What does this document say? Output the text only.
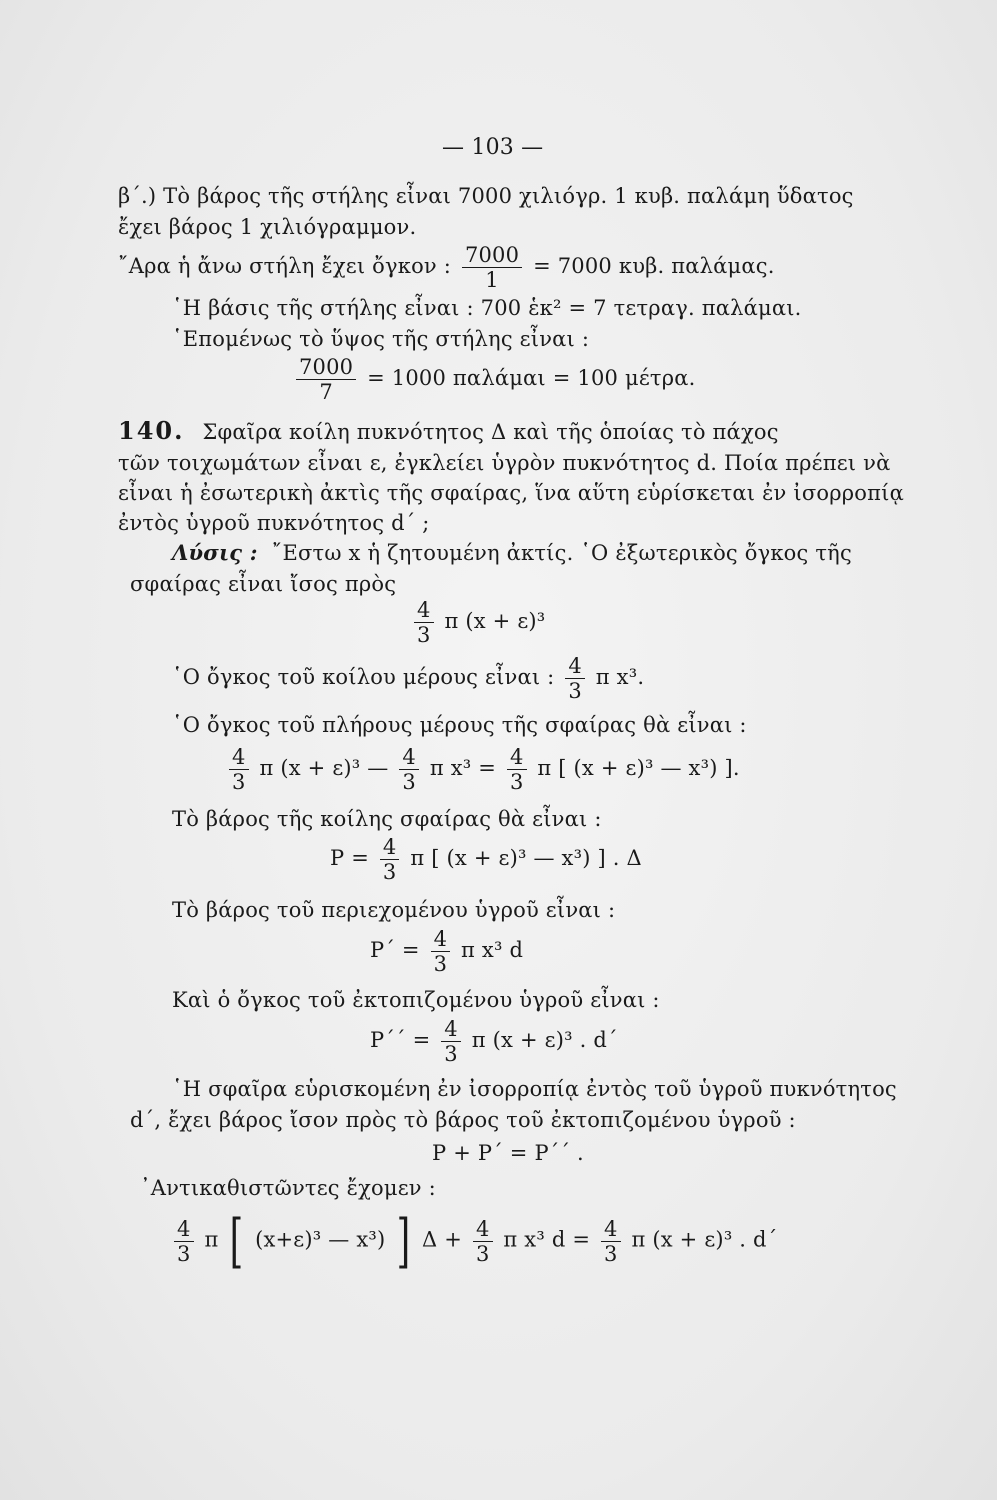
— 103 —
β΄.) Τὸ βάρος τῆς στήλης εἶναι 7000 χιλιόγρ. 1 κυβ. παλάμη ὕδατος
ἔχει βάρος 1 χιλιόγραμμον.
῎Αρα ἡ ἄνω στήλη ἔχει ὄγκον : $\frac{7000}{1} = 7000$ κυβ. παλάμας.
῾Η βάσις τῆς στήλης εἶναι : 700 ἑκ² = 7 τετραγ. παλάμαι.
῾Επομένως τὸ ὕψος τῆς στήλης εἶναι :
$\frac{7000}{7} = 1000$ παλάμαι = 100 μέτρα.
140. Σφαῖρα κοίλη πυκνότητος Δ καὶ τῆς ὁποίας τὸ πάχος
τῶν τοιχωμάτων εἶναι ε, ἐγκλείει ὑγρὸν πυκνότητος d. Ποία πρέπει νὰ
εἶναι ἡ ἐσωτερικὴ ἀκτὶς τῆς σφαίρας, ἵνα αὕτη εὑρίσκεται ἐν ἰσορροπίᾳ
ἐντὸς ὑγροῦ πυκνότητος d΄ ;
Λύσις : ῎Εστω x ἡ ζητουμένη ἀκτίς. ῾Ο ἐξωτερικὸς ὄγκος τῆς
σφαίρας εἶναι ἴσος πρὸς
$\frac{4}{3}$ π (x + ε)³
῾Ο ὄγκος τοῦ κοίλου μέρους εἶναι : $\frac{4}{3}$ π x³.
῾Ο ὄγκος τοῦ πλήρους μέρους τῆς σφαίρας θὰ εἶναι :
$\frac{4}{3}$ π (x + ε)³ — $\frac{4}{3}$ π $x^3 = \frac{4}{3}$ π [ (x + ε)³ — x³) ].
Τὸ βάρος τῆς κοίλης σφαίρας θὰ εἶναι :
$P = \frac{4}{3}$ π [ (x + ε)³ — x³) ] . Δ
Τὸ βάρος τοῦ περιεχομένου ὑγροῦ εἶναι :
$P΄ = \frac{4}{3}$ π x³ d
Καὶ ὁ ὄγκος τοῦ ἐκτοπιζομένου ὑγροῦ εἶναι :
$P΄΄ = \frac{4}{3}$ π (x + ε)³ . d΄
῾Η σφαῖρα εὑρισκομένη ἐν ἰσορροπίᾳ ἐντὸς τοῦ ὑγροῦ πυκνότητος
d΄, ἔχει βάρος ἴσον πρὸς τὸ βάρος τοῦ ἐκτοπιζομένου ὑγροῦ :
P + P΄ = P΄΄ .
᾿Αντικαθιστῶντες ἔχομεν :
$\frac{4}{3}$ π [ (x+ε)³ — x³) ] $\Delta + \frac{4}{3}$ π x³ $d = \frac{4}{3}$ π (x + ε)³ . d΄
